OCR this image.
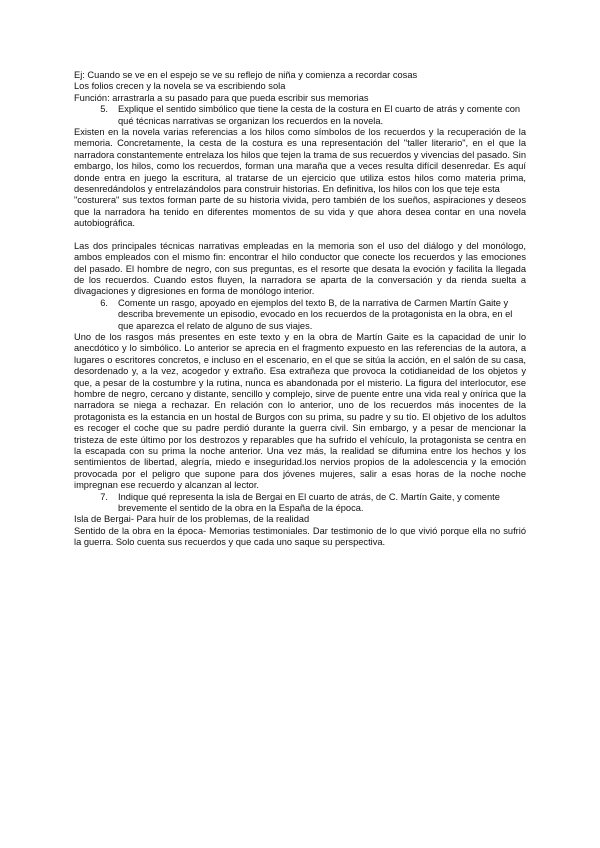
Ej: Cuando se ve en el espejo se ve su reflejo de niña y comienza a recordar cosas

Los folios crecen y la novela se va escribiendo sola

Función: arrastrarla a su pasado para que pueda escribir sus memorias

5.	Explique el sentido simbólico que tiene la cesta de la costura en El cuarto de atrás y comente con qué técnicas narrativas se organizan los recuerdos en la novela.

Existen en la novela varias referencias a los hilos como símbolos de los recuerdos y la recuperación de la memoria. Concretamente, la cesta de la costura es una representación del "taller literario", en el que la narradora constantemente entrelaza los hilos que tejen la trama de sus recuerdos y vivencias del pasado. Sin embargo, los hilos, como los recuerdos, forman una maraña que a veces resulta difícil desenredar. Es aquí donde entra en juego la escritura, al tratarse de un ejercicio que utiliza estos hilos como materia prima, desenredándolos y entrelazándolos para construir historias. En definitiva, los hilos con los que teje esta

"costurera" sus textos forman parte de su historia vivida, pero también de los sueños, aspiraciones y deseos que la narradora ha tenido en diferentes momentos de su vida y que ahora desea contar en una novela autobiográfica.

Las dos principales técnicas narrativas empleadas en la memoria son el uso del diálogo y del monólogo, ambos empleados con el mismo fin: encontrar el hilo conductor que conecte los recuerdos y las emociones del pasado. El hombre de negro, con sus preguntas, es el resorte que desata la evoción y facilita la llegada de los recuerdos. Cuando estos fluyen, la narradora se aparta de la conversación y da rienda suelta a divagaciones y digresiones en forma de monólogo interior.

6.	Comente un rasgo, apoyado en ejemplos del texto B, de la narrativa de Carmen Martín Gaite y describa brevemente un episodio, evocado en los recuerdos de la protagonista en la obra, en el que aparezca el relato de alguno de sus viajes.

Uno de los rasgos más presentes en este texto y en la obra de Martín Gaite es la capacidad de unir lo anecdótico y lo simbólico. Lo anterior se aprecia en el fragmento expuesto en las referencias de la autora, a lugares o escritores concretos, e incluso en el escenario, en el que se sitúa la acción, en el salón de su casa, desordenado y, a la vez, acogedor y extraño. Esa extrañeza que provoca la cotidianeidad de los objetos y que, a pesar de la costumbre y la rutina, nunca es abandonada por el misterio. La figura del interlocutor, ese hombre de negro, cercano y distante, sencillo y complejo, sirve de puente entre una vida real y onírica que la narradora se niega a rechazar. En relación con lo anterior, uno de los recuerdos más inocentes de la protagonista es la estancia en un hostal de Burgos con su prima, su padre y su tío. El objetivo de los adultos es recoger el coche que su padre perdió durante la guerra civil. Sin embargo, y a pesar de mencionar la tristeza de este último por los destrozos y reparables que ha sufrido el vehículo, la protagonista se centra en la escapada con su prima la noche anterior. Una vez más, la realidad se difumina entre los hechos y los sentimientos de libertad, alegría, miedo e inseguridad.los nervios propios de la adolescencia y la emoción provocada por el peligro que supone para dos jóvenes mujeres, salir a esas horas de la noche noche impregnan ese recuerdo y alcanzan al lector.

7.	Indique qué representa la isla de Bergai en El cuarto de atrás, de C. Martín Gaite, y comente brevemente el sentido de la obra en la España de la época.

Isla de Bergai- Para huír de los problemas, de la realidad

Sentido de la obra en la época- Memorias testimoniales. Dar testimonio de lo que vivió porque ella no sufrió la guerra. Solo cuenta sus recuerdos y que cada uno saque su perspectiva.
